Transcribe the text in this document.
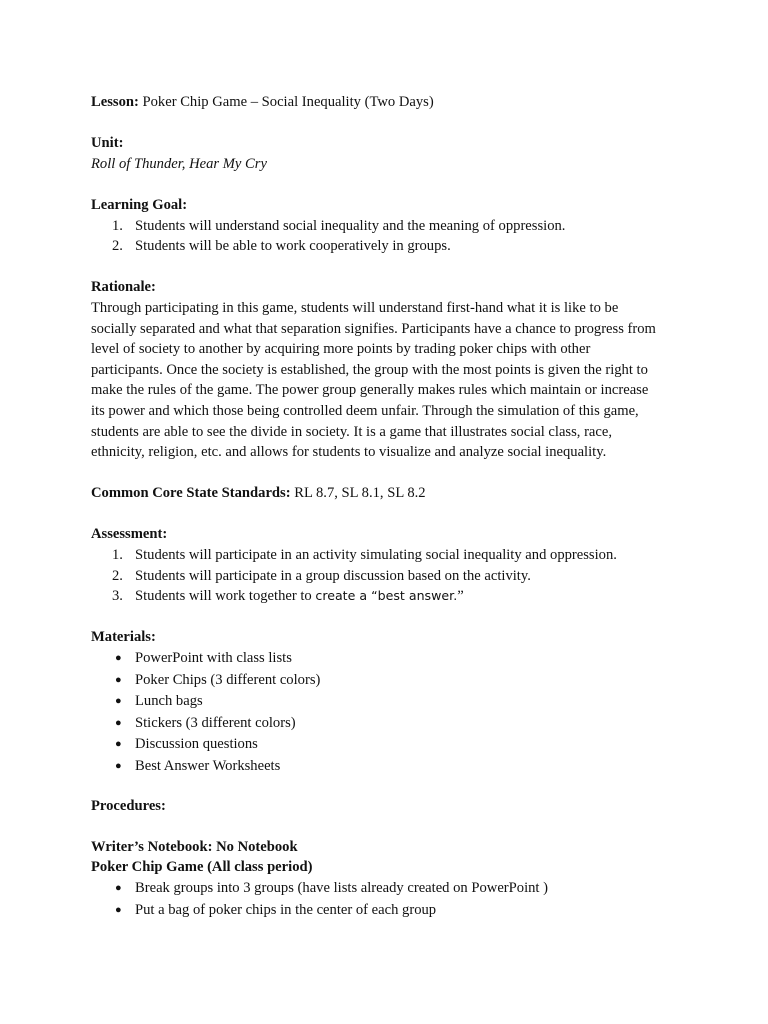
Lesson: Poker Chip Game – Social Inequality (Two Days)
Unit:
Roll of Thunder, Hear My Cry
Learning Goal:
1. Students will understand social inequality and the meaning of oppression.
2. Students will be able to work cooperatively in groups.
Rationale:
Through participating in this game, students will understand first-hand what it is like to be
socially separated and what that separation signifies. Participants have a chance to progress from
level of society to another by acquiring more points by trading poker chips with other
participants. Once the society is established, the group with the most points is given the right to
make the rules of the game. The power group generally makes rules which maintain or increase
its power and which those being controlled deem unfair. Through the simulation of this game,
students are able to see the divide in society. It is a game that illustrates social class, race,
ethnicity, religion, etc. and allows for students to visualize and analyze social inequality.
Common Core State Standards: RL 8.7, SL 8.1, SL 8.2
Assessment:
1. Students will participate in an activity simulating social inequality and oppression.
2. Students will participate in a group discussion based on the activity.
3. Students will work together to create a “best answer.”
Materials:
● PowerPoint with class lists
● Poker Chips (3 different colors)
● Lunch bags
● Stickers (3 different colors)
● Discussion questions
● Best Answer Worksheets
Procedures:
Writer’s Notebook: No Notebook
Poker Chip Game (All class period)
● Break groups into 3 groups (have lists already created on PowerPoint )
● Put a bag of poker chips in the center of each group
